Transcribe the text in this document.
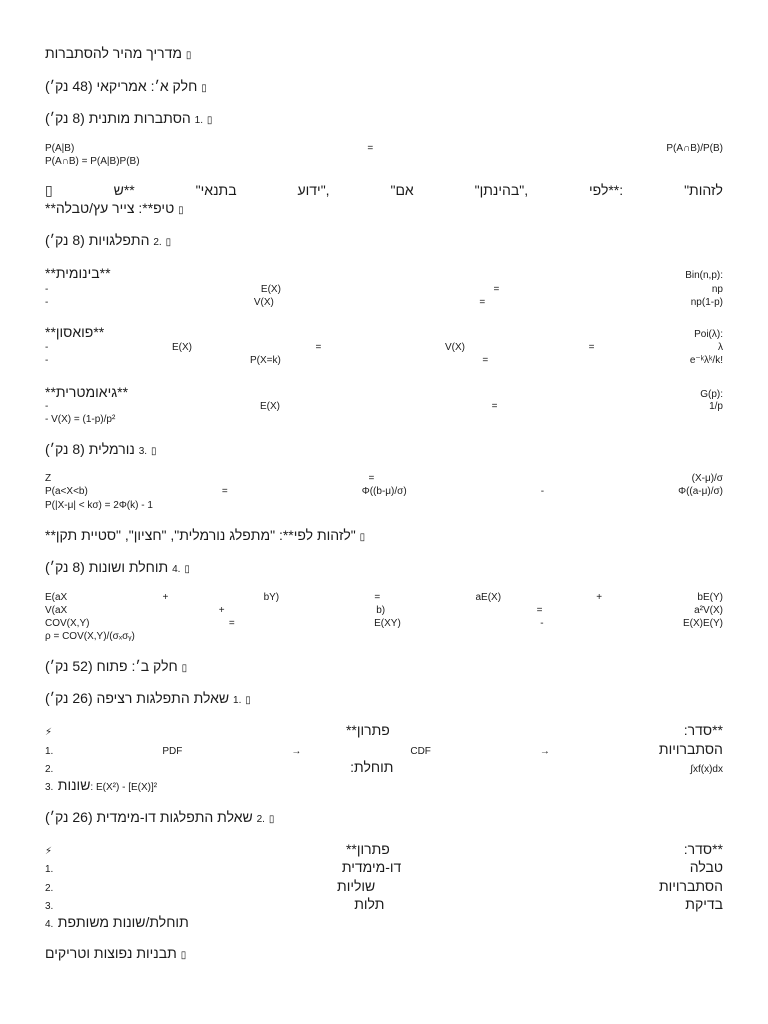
▯ מדריך מהיר להסתברות
▯ חלק א׳: אמריקאי (48 נק׳)
▯ 1. הסתברות מותנית (8 נק׳)
P(A|B)	=	P(A∩B)/P(B)
P(A∩B) = P(A|B)P(B)
▯	ש**	"בתנאי	ידוע",	"אם	"בהינתן",	לפי**:	"לזהות
▯ טיפ**: צייר עץ/טבלה**
▯ 2. התפלגויות (8 נק׳)
**בינומית**	Bin(n,p):
-	E(X)	=	np
-	V(X)	=	np(1-p)
**פואסון**	Poi(λ):
-	E(X)	=	V(X)	=	λ
-	P(X=k)	=	e⁻ᵏλᵏ/k!
**גיאומטרית**	G(p):
-	E(X)	=	1/p
- V(X) = (1-p)/p²
▯ 3. נורמלית (8 נק׳)
Z	=	(X-μ)/σ
P(a<X<b)	=	Φ((b-μ)/σ)	-	Φ((a-μ)/σ)
P(|X-μ| < kσ) = 2Φ(k) - 1
▯ "לזהות לפי**: "מתפלג נורמלית", "חציון", "סטיית תקן**
▯ 4. תוחלת ושונות (8 נק׳)
E(aX	+	bY)	=	aE(X)	+	bE(Y)
V(aX	+	b)	=	a²V(X)
COV(X,Y)	=	E(XY)	-	E(X)E(Y)
ρ = COV(X,Y)/(σₓσᵧ)
▯ חלק ב׳: פתוח (52 נק׳)
▯ 1. שאלת התפלגות רציפה (26 נק׳)
⚡	פתרון**	**סדר:
1.	PDF	→	CDF	→	הסתברויות
2.	תוחלת:	∫xf(x)dx
3. שונות: E(X²) - [E(X)]²
▯ 2. שאלת התפלגות דו-מימדית (26 נק׳)
⚡	פתרון**	**סדר:
1.	דו-מימדית	טבלה
2.	שוליות	הסתברויות
3.	תלות	בדיקת
4. תוחלת/שונות משותפת
▯ תבניות נפוצות וטריקים
